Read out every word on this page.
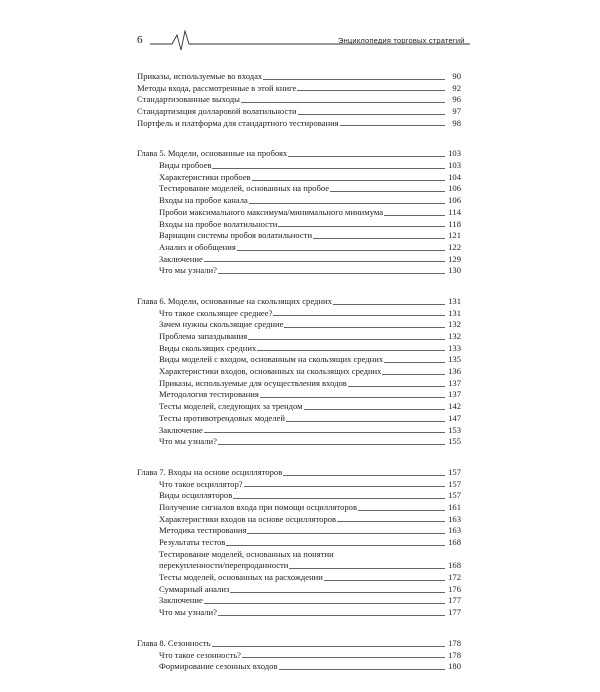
6	Энциклопедия торговых стратегий
Приказы, используемые во входах	90
Методы входа, рассмотренные в этой книге	92
Стандартизованные выходы	96
Стандартизация долларовой волатильности	97
Портфель и платформа для стандартного тестирования	98
Глава 5. Модели, основанные на пробоях	103
Виды пробоев	103
Характеристики пробоев	104
Тестирование моделей, основанных на пробое	106
Входы на пробое канала	106
Пробои максимального максимума/минимального минимума	114
Входы на пробое волатильности	118
Вариации системы пробоя волатильности	121
Анализ и обобщения	122
Заключение	129
Что мы узнали?	130
Глава 6. Модели, основанные на скользящих средних	131
Что такое скользящее среднее?	131
Зачем нужны скользящие средние	132
Проблема запаздывания	132
Виды скользящих средних	133
Виды моделей с входом, основанным на скользящих средних	135
Характеристики входов, основанных на скользящих средних	136
Приказы, используемые для осуществления входов	137
Методология тестирования	137
Тесты моделей, следующих за трендом	142
Тесты противотрендовых моделей	147
Заключение	153
Что мы узнали?	155
Глава 7. Входы на основе осцилляторов	157
Что такое осциллятор?	157
Виды осцилляторов	157
Получение сигналов входа при помощи осцилляторов	161
Характеристики входов на основе осцилляторов	163
Методика тестирования	163
Результаты тестов	168
Тестирование моделей, основанных на понятии
перекупленности/перепроданности	168
Тесты моделей, основанных на расхождении	172
Суммарный анализ	176
Заключение	177
Что мы узнали?	177
Глава 8. Сезонность	178
Что такое сезонность?	178
Формирование сезонных входов	180
